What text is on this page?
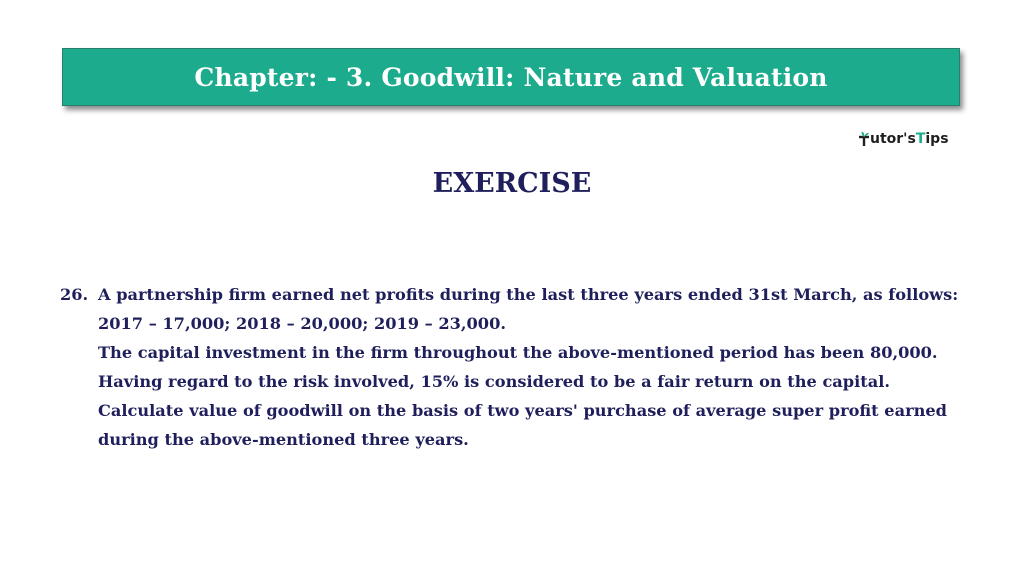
Chapter: - 3. Goodwill: Nature and Valuation
utor's Tips
EXERCISE
26. A partnership firm earned net profits during the last three years ended 31st March, as follows:
2017 – 17,000; 2018 – 20,000; 2019 – 23,000.
The capital investment in the firm throughout the above-mentioned period has been 80,000.
Having regard to the risk involved, 15% is considered to be a fair return on the capital.
Calculate value of goodwill on the basis of two years' purchase of average super profit earned
during the above-mentioned three years.
